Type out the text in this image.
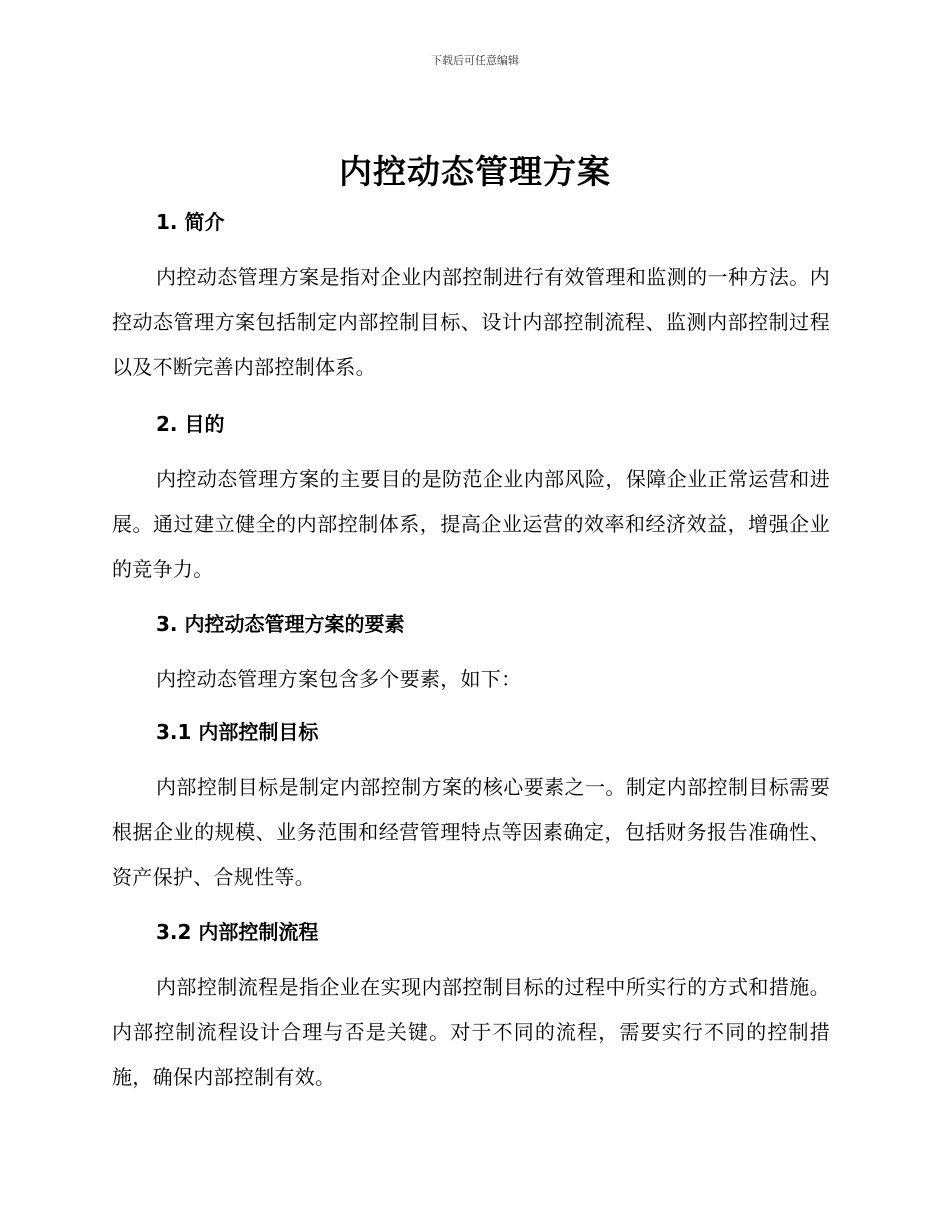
下载后可任意编辑
内控动态管理方案
1. 简介

内控动态管理方案是指对企业内部控制进行有效管理和监测的一种方法。内控动态管理方案包括制定内部控制目标、设计内部控制流程、监测内部控制过程以及不断完善内部控制体系。

2. 目的

内控动态管理方案的主要目的是防范企业内部风险，保障企业正常运营和进展。通过建立健全的内部控制体系，提高企业运营的效率和经济效益，增强企业的竞争力。

3. 内控动态管理方案的要素

内控动态管理方案包含多个要素，如下：

3.1 内部控制目标

内部控制目标是制定内部控制方案的核心要素之一。制定内部控制目标需要根据企业的规模、业务范围和经营管理特点等因素确定，包括财务报告准确性、资产保护、合规性等。

3.2 内部控制流程

内部控制流程是指企业在实现内部控制目标的过程中所实行的方式和措施。内部控制流程设计合理与否是关键。对于不同的流程，需要实行不同的控制措施，确保内部控制有效。
